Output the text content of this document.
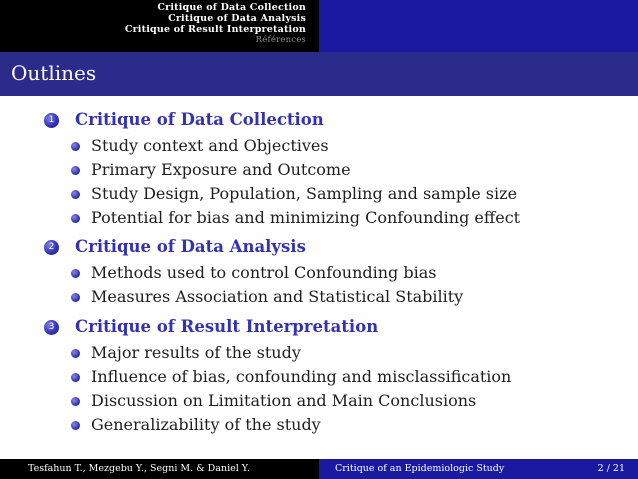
Critique of Data Collection
Critique of Data Analysis
Critique of Result Interpretation
Références
Outlines
1 Critique of Data Collection
Study context and Objectives
Primary Exposure and Outcome
Study Design, Population, Sampling and sample size
Potential for bias and minimizing Confounding effect
2 Critique of Data Analysis
Methods used to control Confounding bias
Measures Association and Statistical Stability
3 Critique of Result Interpretation
Major results of the study
Influence of bias, confounding and misclassification
Discussion on Limitation and Main Conclusions
Generalizability of the study
Tesfahun T., Mezgebu Y., Segni M. & Daniel Y.	Critique of an Epidemiologic Study	2 / 21
